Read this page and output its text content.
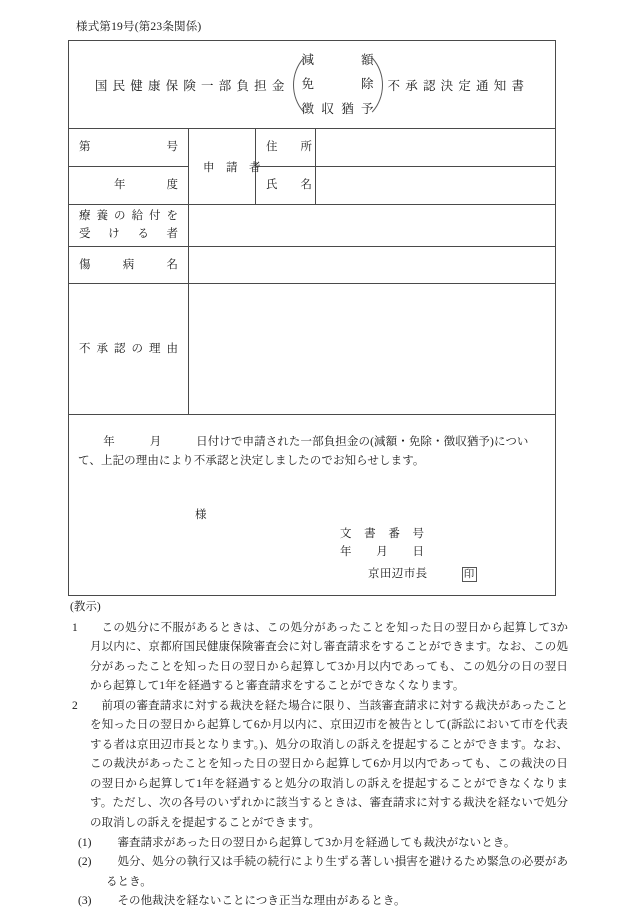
様式第19号(第23条関係)
国民健康保険一部負担金
減　額
免　除
徴収猶予
不承認決定通知書			

第　　　　　号	申　請　者	住　　所	

　　年　　度		氏　　名	

療養の給付を
受　け　る　者			

傷　　病　　名			

不承認の理由			

年　　　月　　　日付けで申請された一部負担金の(減額・免除・徴収猶予)について、上記の理由により不承認と決定しましたのでお知らせします。

様
文　書　番　号
年　　月　　日
京田辺市長	印

(教示)

1	この処分に不服があるときは、この処分があったことを知った日の翌日から起算して3か月以内に、京都府国民健康保険審査会に対し審査請求をすることができます。なお、この処分があったことを知った日の翌日から起算して3か月以内であっても、この処分の日の翌日から起算して1年を経過すると審査請求をすることができなくなります。
2	前項の審査請求に対する裁決を経た場合に限り、当該審査請求に対する裁決があったことを知った日の翌日から起算して6か月以内に、京田辺市を被告として(訴訟において市を代表する者は京田辺市長となります。)、処分の取消しの訴えを提起することができます。なお、この裁決があったことを知った日の翌日から起算して6か月以内であっても、この裁決の日の翌日から起算して1年を経過すると処分の取消しの訴えを提起することができなくなります。ただし、次の各号のいずれかに該当するときは、審査請求に対する裁決を経ないで処分の取消しの訴えを提起することができます。
(1)	審査請求があった日の翌日から起算して3か月を経過しても裁決がないとき。
(2)	処分、処分の執行又は手続の続行により生ずる著しい損害を避けるため緊急の必要があるとき。
(3)	その他裁決を経ないことにつき正当な理由があるとき。
